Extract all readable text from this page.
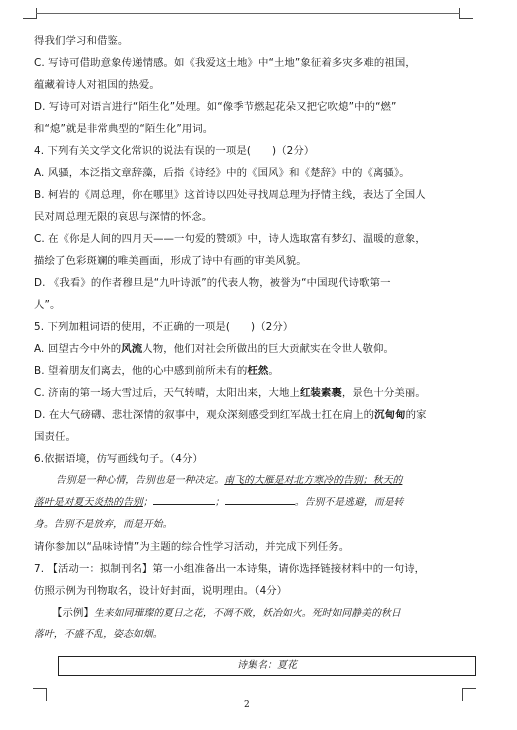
得我们学习和借鉴。
C. 写诗可借助意象传递情感。如《我爱这土地》中“土地”象征着多灾多难的祖国，
蕴藏着诗人对祖国的热爱。
D. 写诗可对语言进行“陌生化”处理。如“像季节燃起花朵又把它吹熄”中的“燃”
和“熄”就是非常典型的“陌生化”用词。
4. 下列有关文学文化常识的说法有误的一项是(　　)（2分）
A. 风骚，本泛指文章辞藻，后指《诗经》中的《国风》和《楚辞》中的《离骚》。
B. 柯岩的《周总理，你在哪里》这首诗以四处寻找周总理为抒情主线，表达了全国人
民对周总理无限的哀思与深情的怀念。
C. 在《你是人间的四月天——一句爱的赞颂》中，诗人选取富有梦幻、温暖的意象，
描绘了色彩斑斓的唯美画面，形成了诗中有画的审美风貌。
D. 《我看》的作者穆旦是“九叶诗派”的代表人物，被誉为“中国现代诗歌第一
人”。
5. 下列加粗词语的使用，不正确的一项是(　　)（2分）
A. 回望古今中外的风流人物，他们对社会所做出的巨大贡献实在令世人敬仰。
B. 望着朋友们离去，他的心中感到前所未有的枉然。
C. 济南的第一场大雪过后，天气转晴，太阳出来，大地上红装素裹，景色十分美丽。
D. 在大气磅礴、悲壮深情的叙事中，观众深刻感受到红军战士扛在肩上的沉甸甸的家
国责任。
6.依据语境，仿写画线句子。（4分）
告别是一种心情，告别也是一种决定。南飞的大雁是对北方寒冷的告别；秋天的
落叶是对夏天炎热的告别；	；	。告别不是逃避，而是转
身。告别不是放弃，而是开始。
请你参加以“品味诗情”为主题的综合性学习活动，并完成下列任务。
7. 【活动一：拟制刊名】第一小组准备出一本诗集，请你选择链接材料中的一句诗，
仿照示例为刊物取名，设计好封面，说明理由。（4分）
【示例】生来如同璀璨的夏日之花，不凋不败，妖冶如火。死时如同静美的秋日
落叶，不盛不乱，姿态如烟。
诗集名：夏花
2
